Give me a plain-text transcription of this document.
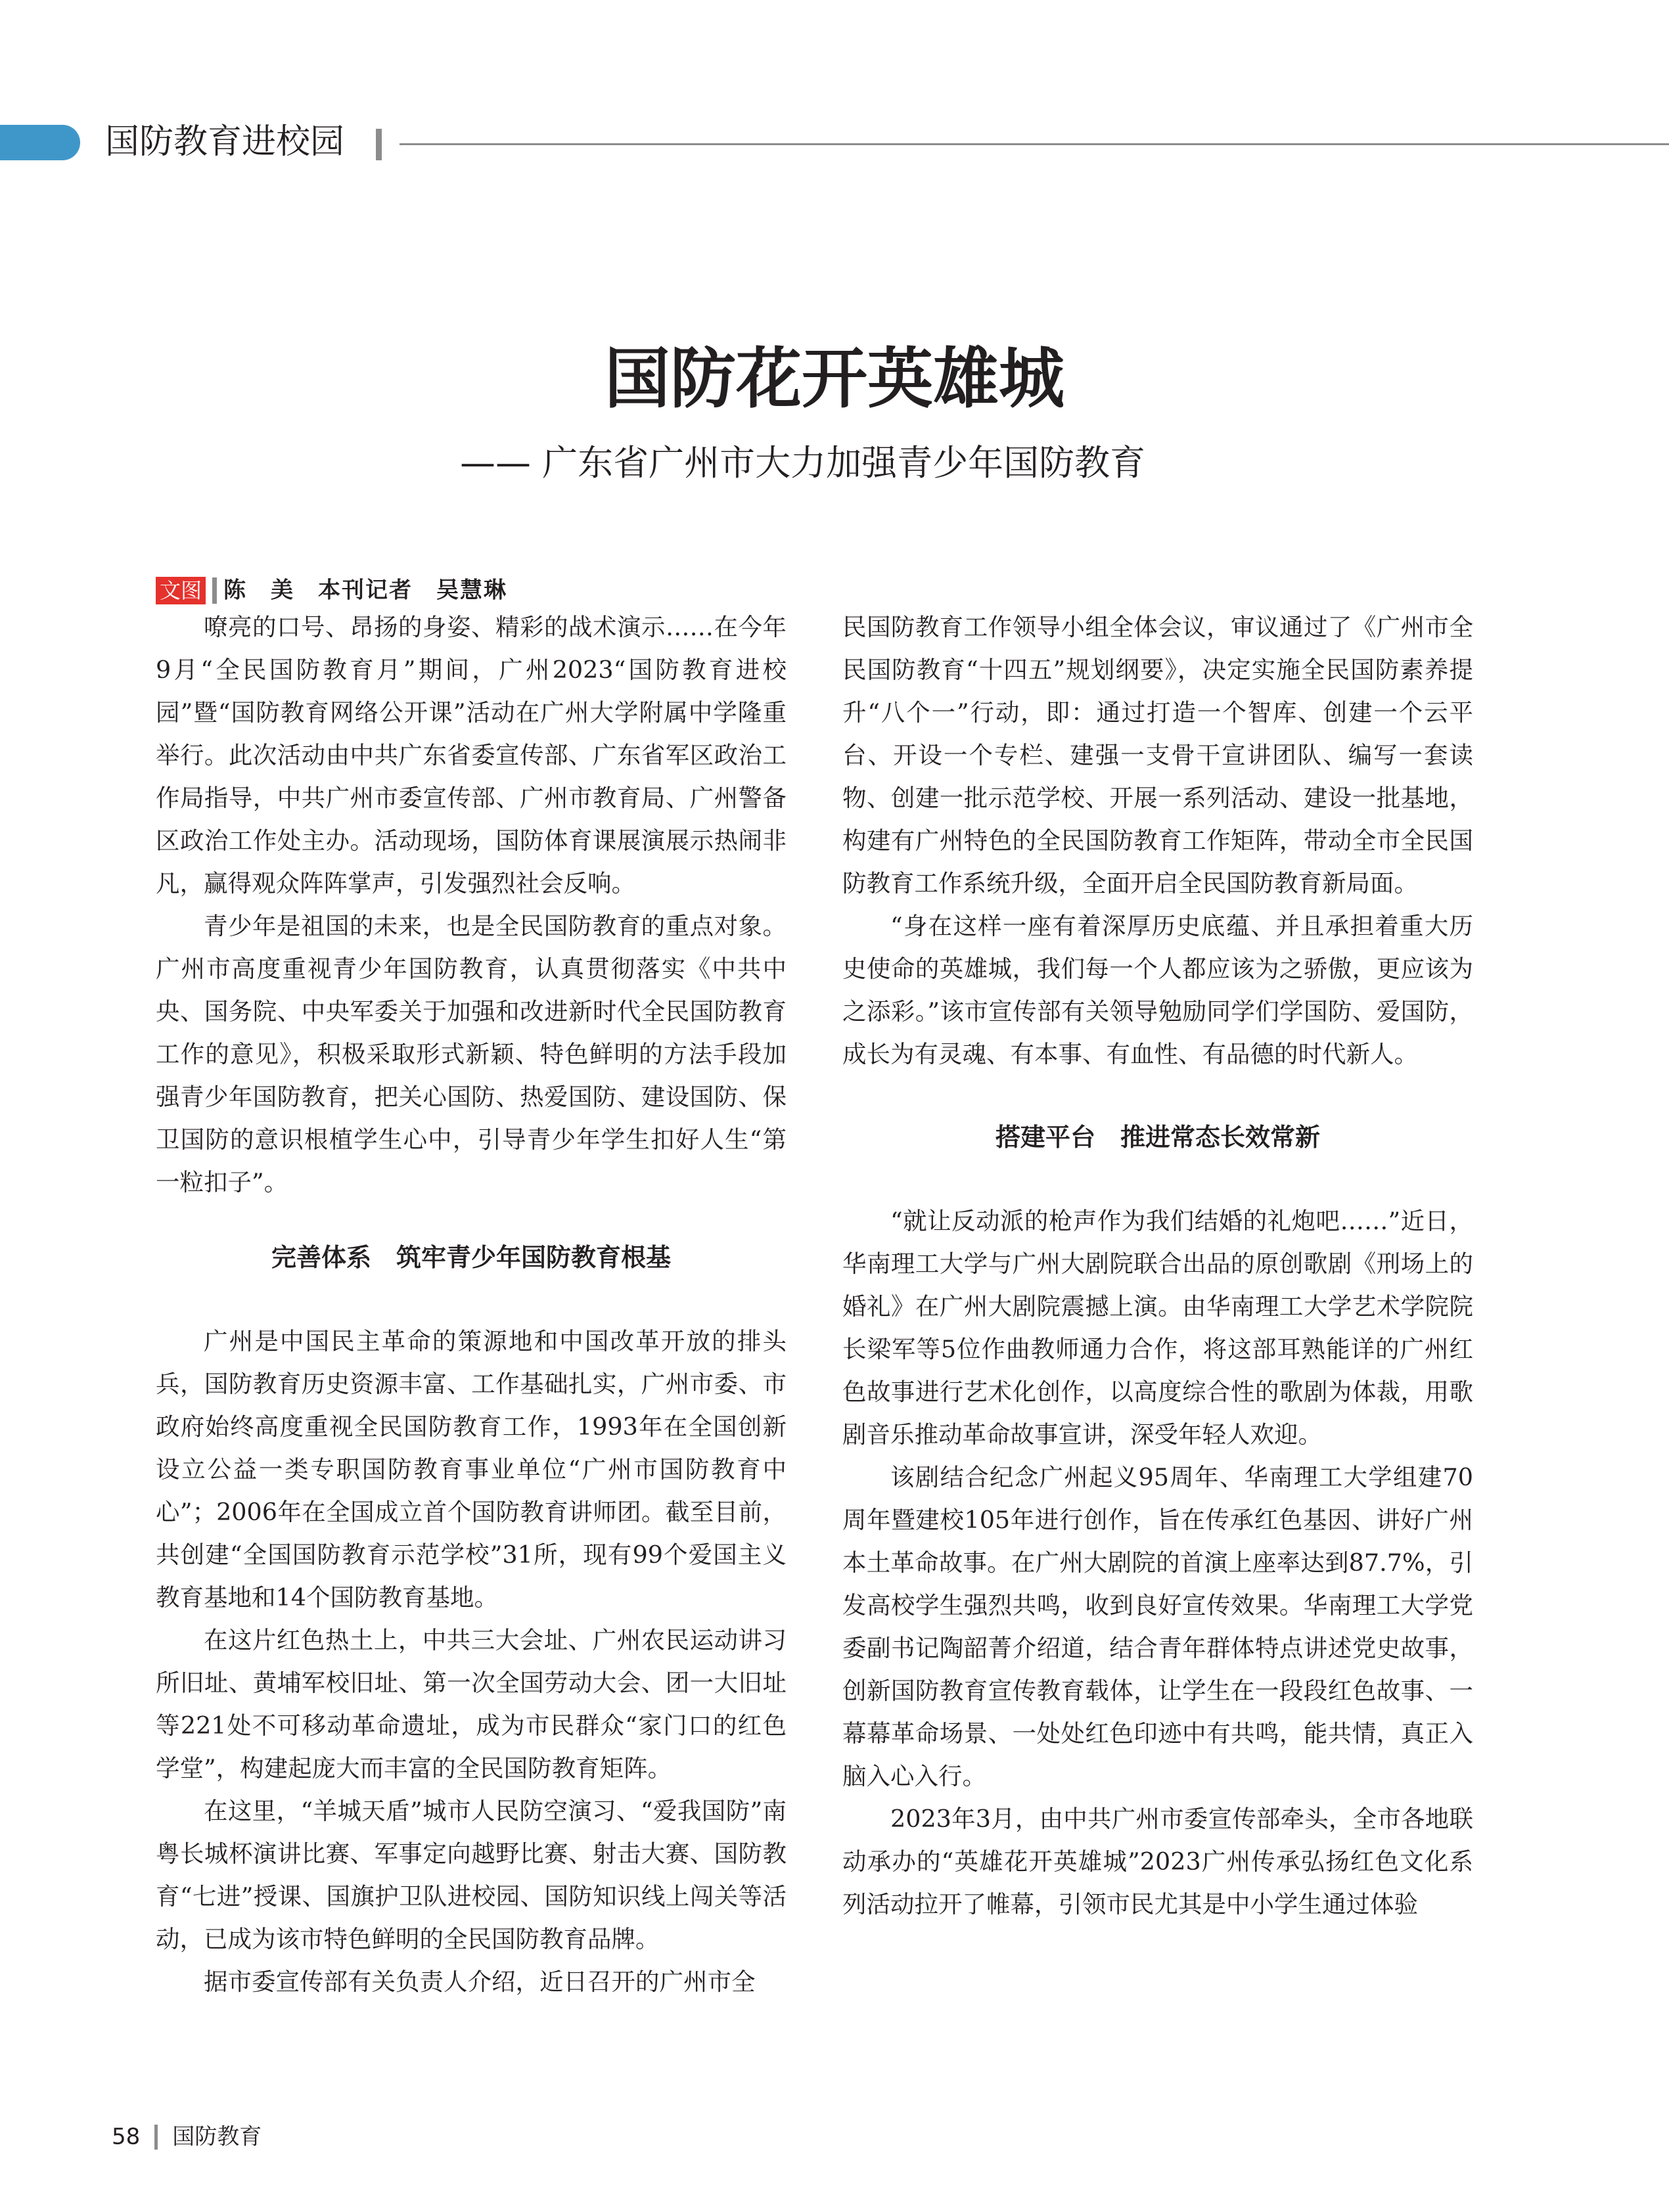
国防教育进校园
国防花开英雄城
—— 广东省广州市大力加强青少年国防教育
文图 陈　美　本刊记者　吴慧琳

嘹亮的口号、昂扬的身姿、精彩的战术演示……在今年9月“全民国防教育月”期间，广州2023“国防教育进校园”暨“国防教育网络公开课”活动在广州大学附属中学隆重举行。此次活动由中共广东省委宣传部、广东省军区政治工作局指导，中共广州市委宣传部、广州市教育局、广州警备区政治工作处主办。活动现场，国防体育课展演展示热闹非凡，赢得观众阵阵掌声，引发强烈社会反响。

青少年是祖国的未来，也是全民国防教育的重点对象。广州市高度重视青少年国防教育，认真贯彻落实《中共中央、国务院、中央军委关于加强和改进新时代全民国防教育工作的意见》，积极采取形式新颖、特色鲜明的方法手段加强青少年国防教育，把关心国防、热爱国防、建设国防、保卫国防的意识根植学生心中，引导青少年学生扣好人生“第一粒扣子”。

完善体系　筑牢青少年国防教育根基

广州是中国民主革命的策源地和中国改革开放的排头兵，国防教育历史资源丰富、工作基础扎实，广州市委、市政府始终高度重视全民国防教育工作，1993年在全国创新设立公益一类专职国防教育事业单位“广州市国防教育中心”；2006年在全国成立首个国防教育讲师团。截至目前，共创建“全国国防教育示范学校”31所，现有99个爱国主义教育基地和14个国防教育基地。

在这片红色热土上，中共三大会址、广州农民运动讲习所旧址、黄埔军校旧址、第一次全国劳动大会、团一大旧址等221处不可移动革命遗址，成为市民群众“家门口的红色学堂”，构建起庞大而丰富的全民国防教育矩阵。

在这里，“羊城天盾”城市人民防空演习、“爱我国防”南粤长城杯演讲比赛、军事定向越野比赛、射击大赛、国防教育“七进”授课、国旗护卫队进校园、国防知识线上闯关等活动，已成为该市特色鲜明的全民国防教育品牌。

据市委宣传部有关负责人介绍，近日召开的广州市全

民国防教育工作领导小组全体会议，审议通过了《广州市全民国防教育“十四五”规划纲要》，决定实施全民国防素养提升“八个一”行动，即：通过打造一个智库、创建一个云平台、开设一个专栏、建强一支骨干宣讲团队、编写一套读物、创建一批示范学校、开展一系列活动、建设一批基地，构建有广州特色的全民国防教育工作矩阵，带动全市全民国防教育工作系统升级，全面开启全民国防教育新局面。

“身在这样一座有着深厚历史底蕴、并且承担着重大历史使命的英雄城，我们每一个人都应该为之骄傲，更应该为之添彩。”该市宣传部有关领导勉励同学们学国防、爱国防，成长为有灵魂、有本事、有血性、有品德的时代新人。

搭建平台　推进常态长效常新

“就让反动派的枪声作为我们结婚的礼炮吧……”近日，华南理工大学与广州大剧院联合出品的原创歌剧《刑场上的婚礼》在广州大剧院震撼上演。由华南理工大学艺术学院院长梁军等5位作曲教师通力合作，将这部耳熟能详的广州红色故事进行艺术化创作，以高度综合性的歌剧为体裁，用歌剧音乐推动革命故事宣讲，深受年轻人欢迎。

该剧结合纪念广州起义95周年、华南理工大学组建70周年暨建校105年进行创作，旨在传承红色基因、讲好广州本土革命故事。在广州大剧院的首演上座率达到87.7%，引发高校学生强烈共鸣，收到良好宣传效果。华南理工大学党委副书记陶韶菁介绍道，结合青年群体特点讲述党史故事，创新国防教育宣传教育载体，让学生在一段段红色故事、一幕幕革命场景、一处处红色印迹中有共鸣，能共情，真正入脑入心入行。

2023年3月，由中共广州市委宣传部牵头，全市各地联动承办的“英雄花开英雄城”2023广州传承弘扬红色文化系列活动拉开了帷幕，引领市民尤其是中小学生通过体验

58 国防教育
